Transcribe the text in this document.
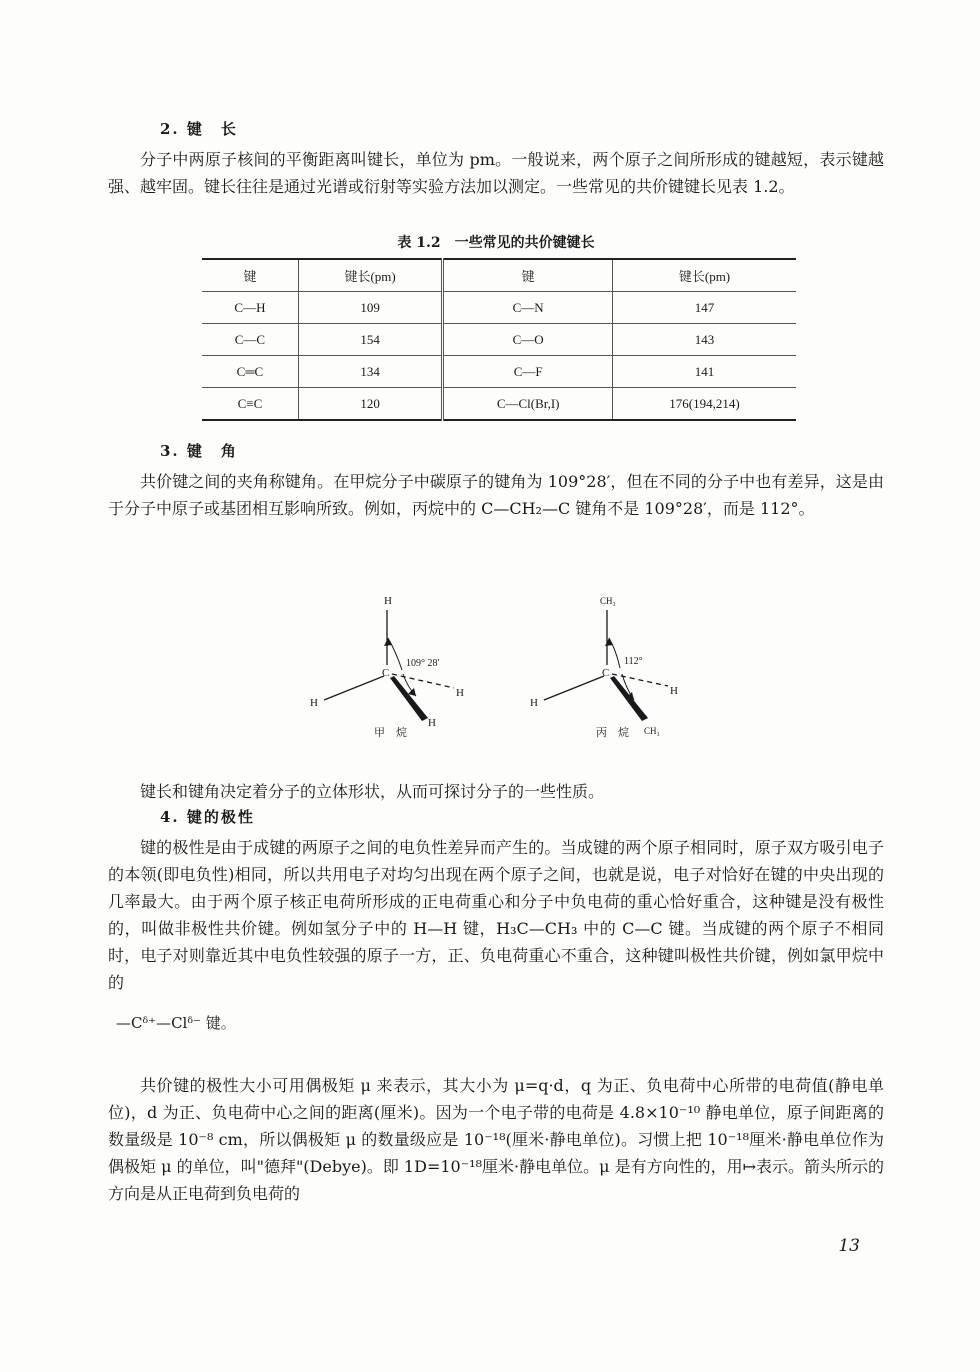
2. 键　长

分子中两原子核间的平衡距离叫键长，单位为 pm。一般说来，两个原子之间所形成的键越短，表示键越强、越牢固。键长往往是通过光谱或衍射等实验方法加以测定。一些常见的共价键键长见表 1.2。

表 1.2　一些常见的共价键键长
键	键长(pm)	键	键长(pm)
C—H	109	C—N	147
C—C	154	C—O	143
C═C	134	C—F	141
C≡C	120	C—Cl(Br,I)	176(194,214)
3. 键　角

共价键之间的夹角称键角。在甲烷分子中碳原子的键角为 109°28′，但在不同的分子中也有差异，这是由于分子中原子或基团相互影响所致。例如，丙烷中的 C—CH₂—C 键角不是 109°28′，而是 112°。

H
C
H
H
H
109° 28′
甲　烷
CH₃
C
H
H
CH₃
112°
丙　烷

键长和键角决定着分子的立体形状，从而可探讨分子的一些性质。

4. 键的极性

键的极性是由于成键的两原子之间的电负性差异而产生的。当成键的两个原子相同时，原子双方吸引电子的本领(即电负性)相同，所以共用电子对均匀出现在两个原子之间，也就是说，电子对恰好在键的中央出现的几率最大。由于两个原子核正电荷所形成的正电荷重心和分子中负电荷的重心恰好重合，这种键是没有极性的，叫做非极性共价键。例如氢分子中的 H—H 键，H₃C—CH₃ 中的 C—C 键。当成键的两个原子不相同时，电子对则靠近其中电负性较强的原子一方，正、负电荷重心不重合，这种键叫极性共价键，例如氯甲烷中的

—Cᵟ⁺—Clᵟ⁻ 键。

共价键的极性大小可用偶极矩 μ 来表示，其大小为 μ=q·d，q 为正、负电荷中心所带的电荷值(静电单位)，d 为正、负电荷中心之间的距离(厘米)。因为一个电子带的电荷是 4.8×10⁻¹⁰ 静电单位，原子间距离的数量级是 10⁻⁸ cm，所以偶极矩 μ 的数量级应是 10⁻¹⁸(厘米·静电单位)。习惯上把 10⁻¹⁸厘米·静电单位作为偶极矩 μ 的单位，叫"德拜"(Debye)。即 1D=10⁻¹⁸厘米·静电单位。μ 是有方向性的，用↦表示。箭头所示的方向是从正电荷到负电荷的

13
